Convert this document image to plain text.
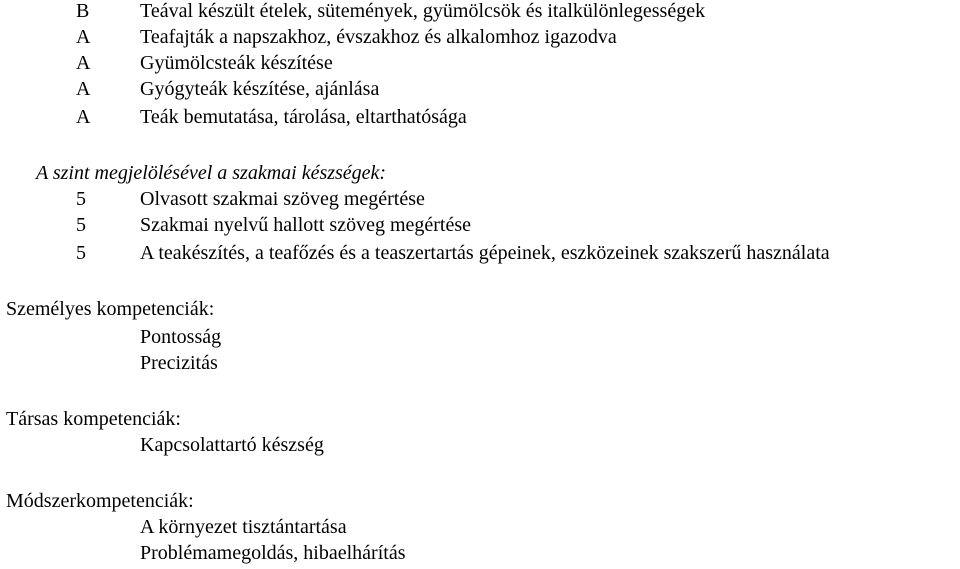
B	Teával készült ételek, sütemények, gyümölcsök és italkülönlegességek
A	Teafajták a napszakhoz, évszakhoz és alkalomhoz igazodva
A	Gyümölcsteák készítése
A	Gyógyteák készítése, ajánlása
A	Teák bemutatása, tárolása, eltarthatósága
A szint megjelölésével a szakmai készségek:
5	Olvasott szakmai szöveg megértése
5	Szakmai nyelvű hallott szöveg megértése
5	A teakészítés, a teafőzés és a teaszertartás gépeinek, eszközeinek szakszerű használata
Személyes kompetenciák:
Pontosság
Precizitás
Társas kompetenciák:
Kapcsolattartó készség
Módszerkompetenciák:
A környezet tisztántartása
Problémamegoldás, hibaelhárítás
